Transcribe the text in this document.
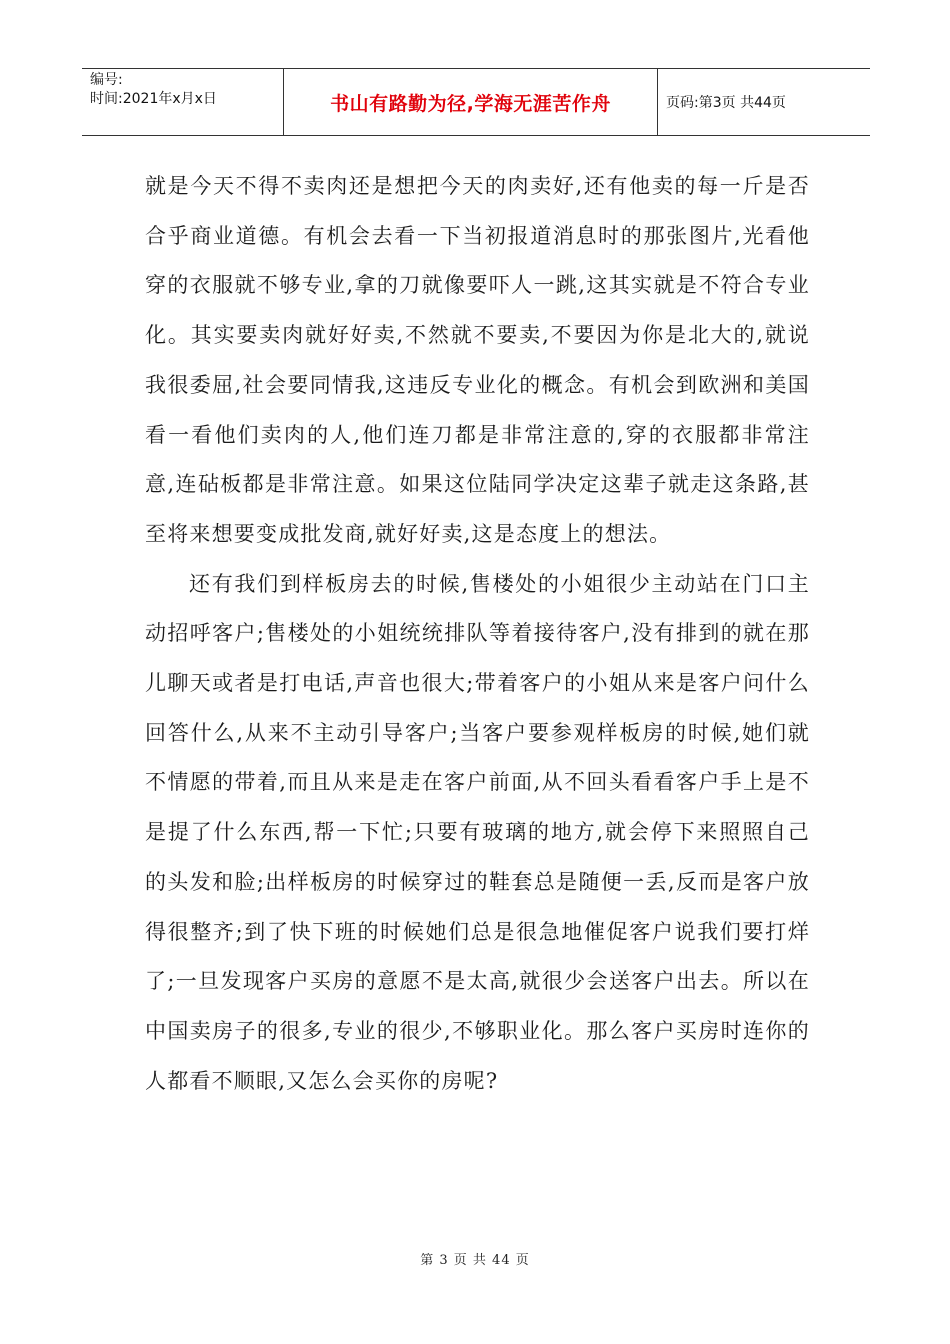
编号:
时间:2021年x月x日	书山有路勤为径,学海无涯苦作舟	页码:第3页 共44页

就是今天不得不卖肉还是想把今天的肉卖好,还有他卖的每一斤是否合乎商业道德。有机会去看一下当初报道消息时的那张图片,光看他穿的衣服就不够专业,拿的刀就像要吓人一跳,这其实就是不符合专业化。其实要卖肉就好好卖,不然就不要卖,不要因为你是北大的,就说我很委屈,社会要同情我,这违反专业化的概念。有机会到欧洲和美国看一看他们卖肉的人,他们连刀都是非常注意的,穿的衣服都非常注意,连砧板都是非常注意。如果这位陆同学决定这辈子就走这条路,甚至将来想要变成批发商,就好好卖,这是态度上的想法。

还有我们到样板房去的时候,售楼处的小姐很少主动站在门口主动招呼客户;售楼处的小姐统统排队等着接待客户,没有排到的就在那儿聊天或者是打电话,声音也很大;带着客户的小姐从来是客户问什么回答什么,从来不主动引导客户;当客户要参观样板房的时候,她们就不情愿的带着,而且从来是走在客户前面,从不回头看看客户手上是不是提了什么东西,帮一下忙;只要有玻璃的地方,就会停下来照照自己的头发和脸;出样板房的时候穿过的鞋套总是随便一丢,反而是客户放得很整齐;到了快下班的时候她们总是很急地催促客户说我们要打烊了;一旦发现客户买房的意愿不是太高,就很少会送客户出去。所以在中国卖房子的很多,专业的很少,不够职业化。那么客户买房时连你的人都看不顺眼,又怎么会买你的房呢?

第 3 页 共 44 页
